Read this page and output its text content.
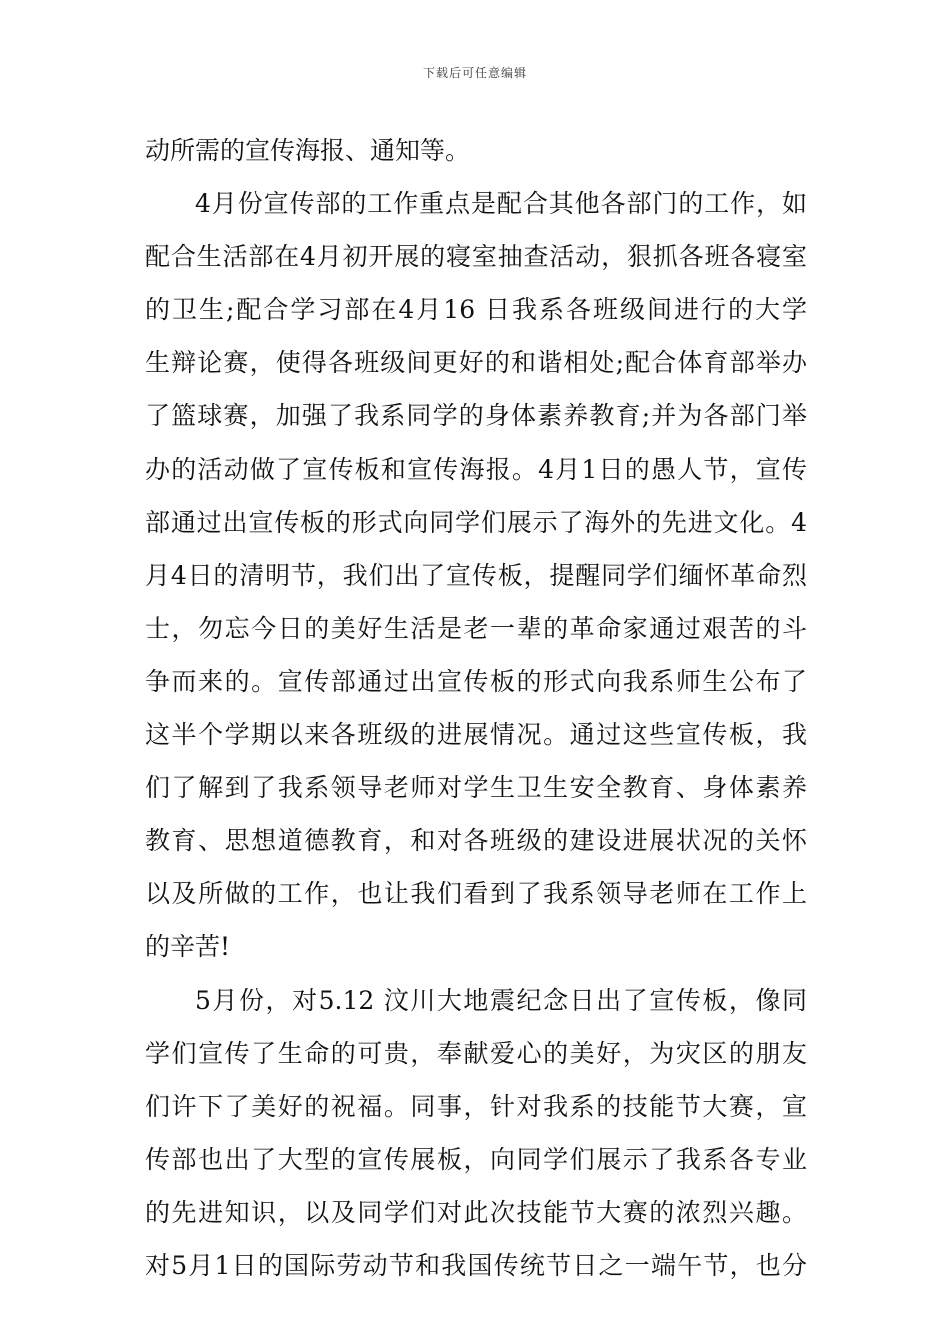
下载后可任意编辑
动所需的宣传海报、通知等。
4月份宣传部的工作重点是配合其他各部门的工作，如
配合生活部在4月初开展的寝室抽查活动，狠抓各班各寝室
的卫生;配合学习部在4月16 日我系各班级间进行的大学
生辩论赛，使得各班级间更好的和谐相处;配合体育部举办
了篮球赛，加强了我系同学的身体素养教育;并为各部门举
办的活动做了宣传板和宣传海报。4月1日的愚人节，宣传
部通过出宣传板的形式向同学们展示了海外的先进文化。4
月4日的清明节，我们出了宣传板，提醒同学们缅怀革命烈
士，勿忘今日的美好生活是老一辈的革命家通过艰苦的斗
争而来的。宣传部通过出宣传板的形式向我系师生公布了
这半个学期以来各班级的进展情况。通过这些宣传板，我
们了解到了我系领导老师对学生卫生安全教育、身体素养
教育、思想道德教育，和对各班级的建设进展状况的关怀
以及所做的工作，也让我们看到了我系领导老师在工作上
的辛苦!
5月份，对5.12 汶川大地震纪念日出了宣传板，像同
学们宣传了生命的可贵，奉献爱心的美好，为灾区的朋友
们许下了美好的祝福。同事，针对我系的技能节大赛，宣
传部也出了大型的宣传展板，向同学们展示了我系各专业
的先进知识，以及同学们对此次技能节大赛的浓烈兴趣。
对5月1日的国际劳动节和我国传统节日之一端午节，也分
